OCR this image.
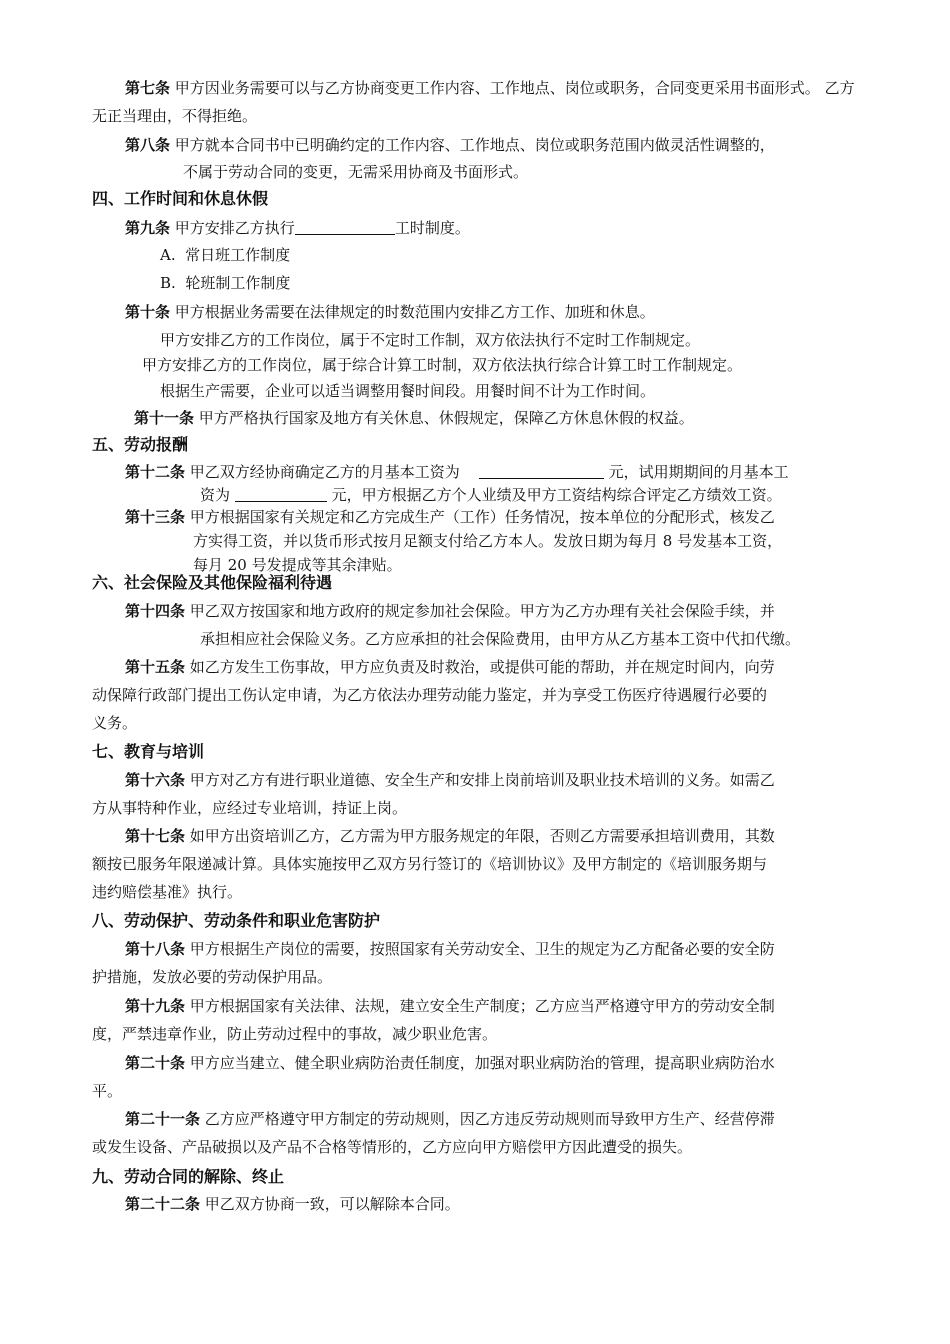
第七条 甲方因业务需要可以与乙方协商变更工作内容、工作地点、岗位或职务，合同变更采用书面形式。 乙方无正当理由，不得拒绝。
第八条 甲方就本合同书中已明确约定的工作内容、工作地点、岗位或职务范围内做灵活性调整的，
不属于劳动合同的变更，无需采用协商及书面形式。
四、工作时间和休息休假
第九条 甲方安排乙方执行	工时制度。
A. 常日班工作制度
B. 轮班制工作制度
第十条 甲方根据业务需要在法律规定的时数范围内安排乙方工作、加班和休息。
甲方安排乙方的工作岗位，属于不定时工作制，双方依法执行不定时工作制规定。
甲方安排乙方的工作岗位，属于综合计算工时制，双方依法执行综合计算工时工作制规定。
根据生产需要，企业可以适当调整用餐时间段。用餐时间不计为工作时间。
第十一条 甲方严格执行国家及地方有关休息、休假规定，保障乙方休息休假的权益。
五、劳动报酬
第十二条 甲乙双方经协商确定乙方的月基本工资为	元，试用期期间的月基本工
资为	元，甲方根据乙方个人业绩及甲方工资结构综合评定乙方绩效工资。
第十三条 甲方根据国家有关规定和乙方完成生产（工作）任务情况，按本单位的分配形式，核发乙
方实得工资，并以货币形式按月足额支付给乙方本人。发放日期为每月 8 号发基本工资，
每月 20 号发提成等其余津贴。
六、社会保险及其他保险福利待遇
第十四条 甲乙双方按国家和地方政府的规定参加社会保险。甲方为乙方办理有关社会保险手续，并
承担相应社会保险义务。乙方应承担的社会保险费用，由甲方从乙方基本工资中代扣代缴。
第十五条 如乙方发生工伤事故，甲方应负责及时救治，或提供可能的帮助，并在规定时间内，向劳
动保障行政部门提出工伤认定申请，为乙方依法办理劳动能力鉴定，并为享受工伤医疗待遇履行必要的
义务。
七、教育与培训
第十六条 甲方对乙方有进行职业道德、安全生产和安排上岗前培训及职业技术培训的义务。如需乙
方从事特种作业，应经过专业培训，持证上岗。
第十七条 如甲方出资培训乙方，乙方需为甲方服务规定的年限，否则乙方需要承担培训费用，其数
额按已服务年限递减计算。具体实施按甲乙双方另行签订的《培训协议》及甲方制定的《培训服务期与
违约赔偿基准》执行。
八、劳动保护、劳动条件和职业危害防护
第十八条 甲方根据生产岗位的需要，按照国家有关劳动安全、卫生的规定为乙方配备必要的安全防
护措施，发放必要的劳动保护用品。
第十九条 甲方根据国家有关法律、法规，建立安全生产制度；乙方应当严格遵守甲方的劳动安全制
度，严禁违章作业，防止劳动过程中的事故，减少职业危害。
第二十条 甲方应当建立、健全职业病防治责任制度，加强对职业病防治的管理，提高职业病防治水
平。
第二十一条 乙方应严格遵守甲方制定的劳动规则，因乙方违反劳动规则而导致甲方生产、经营停滞
或发生设备、产品破损以及产品不合格等情形的，乙方应向甲方赔偿甲方因此遭受的损失。
九、劳动合同的解除、终止
第二十二条 甲乙双方协商一致，可以解除本合同。
